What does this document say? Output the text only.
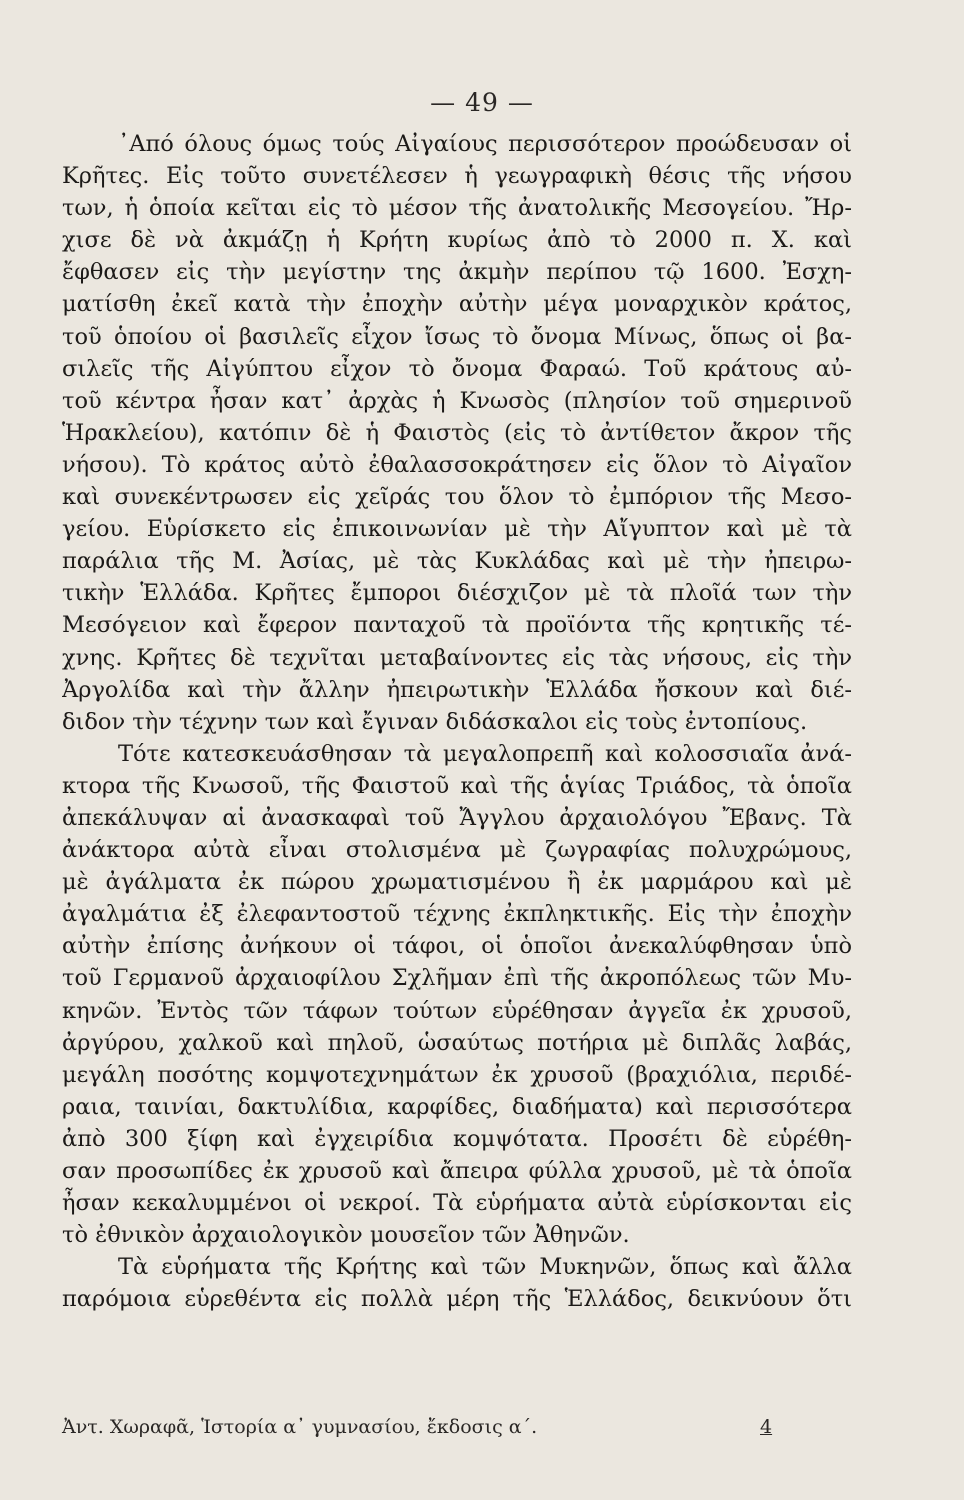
— 49 —
᾿Από όλους όμως τούς Αἰγαίους περισσότερον προώδευσαν οἱ
Κρῆτες. Εἰς τοῦτο συνετέλεσεν ἡ γεωγραφικὴ θέσις τῆς νήσου
των, ἡ ὁποία κεῖται εἰς τὸ μέσον τῆς ἀνατολικῆς Μεσογείου. Ἤρ-
χισε δὲ νὰ ἀκμάζῃ ἡ Κρήτη κυρίως ἀπὸ τὸ 2000 π. Χ. καὶ
ἔφθασεν εἰς τὴν μεγίστην της ἀκμὴν περίπου τῷ 1600. Ἐσχη-
ματίσθη ἐκεῖ κατὰ τὴν ἐποχὴν αὐτὴν μέγα μοναρχικὸν κράτος,
τοῦ ὁποίου οἱ βασιλεῖς εἶχον ἴσως τὸ ὄνομα Μίνως, ὅπως οἱ βα-
σιλεῖς τῆς Αἰγύπτου εἶχον τὸ ὄνομα Φαραώ. Τοῦ κράτους αὐ-
τοῦ κέντρα ἦσαν κατ᾽ ἀρχὰς ἡ Κνωσὸς (πλησίον τοῦ σημερινοῦ
Ἡρακλείου), κατόπιν δὲ ἡ Φαιστὸς (εἰς τὸ ἀντίθετον ἄκρον τῆς
νήσου). Τὸ κράτος αὐτὸ ἐθαλασσοκράτησεν εἰς ὅλον τὸ Αἰγαῖον
καὶ συνεκέντρωσεν εἰς χεῖράς του ὅλον τὸ ἐμπόριον τῆς Μεσο-
γείου. Εὑρίσκετο εἰς ἐπικοινωνίαν μὲ τὴν Αἴγυπτον καὶ μὲ τὰ
παράλια τῆς Μ. Ἀσίας, μὲ τὰς Κυκλάδας καὶ μὲ τὴν ἠπειρω-
τικὴν Ἑλλάδα. Κρῆτες ἔμποροι διέσχιζον μὲ τὰ πλοῖά των τὴν
Μεσόγειον καὶ ἔφερον πανταχοῦ τὰ προϊόντα τῆς κρητικῆς τέ-
χνης. Κρῆτες δὲ τεχνῖται μεταβαίνοντες εἰς τὰς νήσους, εἰς τὴν
Ἀργολίδα καὶ τὴν ἄλλην ἠπειρωτικὴν Ἑλλάδα ἤσκουν καὶ διέ-
διδον τὴν τέχνην των καὶ ἔγιναν διδάσκαλοι εἰς τοὺς ἐντοπίους.
Τότε κατεσκευάσθησαν τὰ μεγαλοπρεπῆ καὶ κολοσσιαῖα ἀνά-
κτορα τῆς Κνωσοῦ, τῆς Φαιστοῦ καὶ τῆς ἁγίας Τριάδος, τὰ ὁποῖα
ἀπεκάλυψαν αἱ ἀνασκαφαὶ τοῦ Ἄγγλου ἀρχαιολόγου Ἔβανς. Τὰ
ἀνάκτορα αὐτὰ εἶναι στολισμένα μὲ ζωγραφίας πολυχρώμους,
μὲ ἀγάλματα ἐκ πώρου χρωματισμένου ἢ ἐκ μαρμάρου καὶ μὲ
ἀγαλμάτια ἐξ ἐλεφαντοστοῦ τέχνης ἐκπληκτικῆς. Εἰς τὴν ἐποχὴν
αὐτὴν ἐπίσης ἀνήκουν οἱ τάφοι, οἱ ὁποῖοι ἀνεκαλύφθησαν ὑπὸ
τοῦ Γερμανοῦ ἀρχαιοφίλου Σχλῆμαν ἐπὶ τῆς ἀκροπόλεως τῶν Μυ-
κηνῶν. Ἐντὸς τῶν τάφων τούτων εὑρέθησαν ἀγγεῖα ἐκ χρυσοῦ,
ἀργύρου, χαλκοῦ καὶ πηλοῦ, ὡσαύτως ποτήρια μὲ διπλᾶς λαβάς,
μεγάλη ποσότης κομψοτεχνημάτων ἐκ χρυσοῦ (βραχιόλια, περιδέ-
ραια, ταινίαι, δακτυλίδια, καρφίδες, διαδήματα) καὶ περισσότερα
ἀπὸ 300 ξίφη καὶ ἐγχειρίδια κομψότατα. Προσέτι δὲ εὑρέθη-
σαν προσωπίδες ἐκ χρυσοῦ καὶ ἄπειρα φύλλα χρυσοῦ, μὲ τὰ ὁποῖα
ἦσαν κεκαλυμμένοι οἱ νεκροί. Τὰ εὑρήματα αὐτὰ εὑρίσκονται εἰς
τὸ ἐθνικὸν ἀρχαιολογικὸν μουσεῖον τῶν Ἀθηνῶν.
Τὰ εὑρήματα τῆς Κρήτης καὶ τῶν Μυκηνῶν, ὅπως καὶ ἄλλα
παρόμοια εὑρεθέντα εἰς πολλὰ μέρη τῆς Ἑλλάδος, δεικνύουν ὅτι
Ἀντ. Χωραφᾶ, Ἱστορία α᾽ γυμνασίου, ἔκδοσις α΄.	4
